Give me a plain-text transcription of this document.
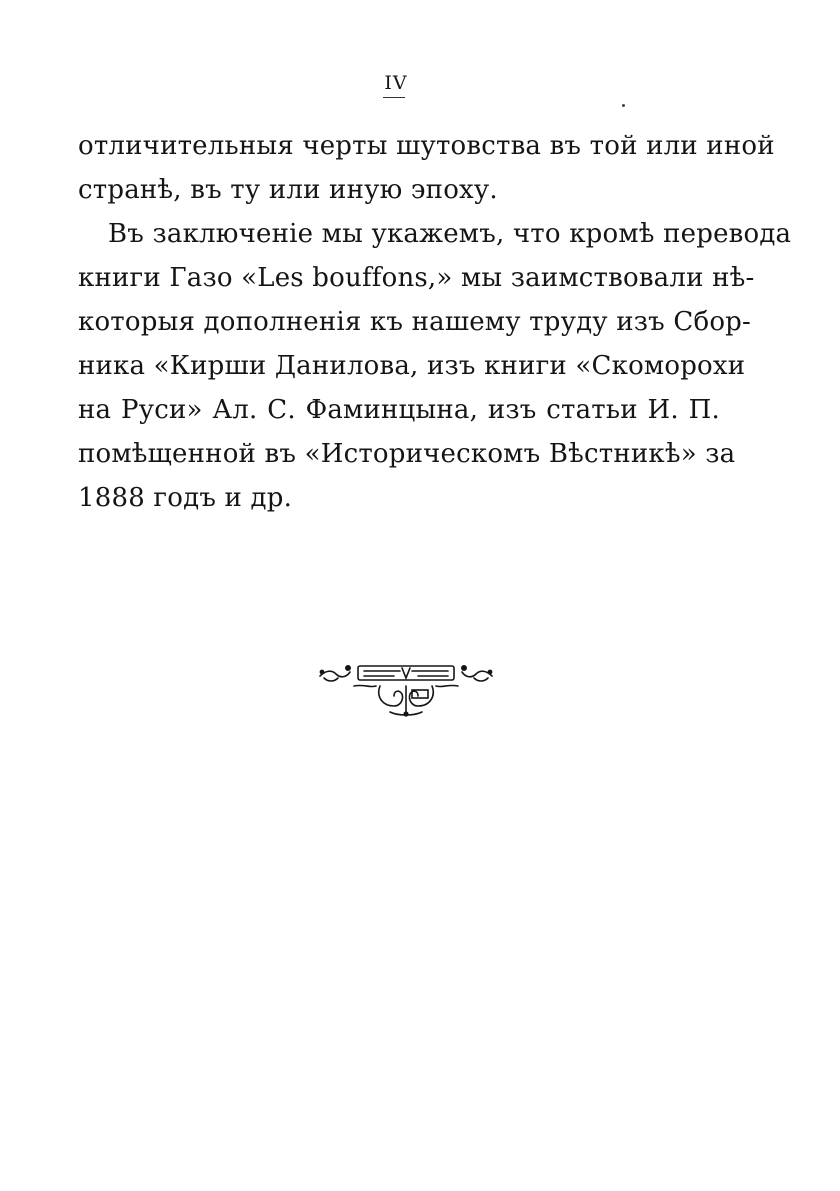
IV
отличительныя черты шутовства въ той или иной
странѣ, въ ту или иную эпоху.
Въ заключеніе мы укажемъ, что кромѣ перевода
книги Газо «Les bouffons,» мы заимствовали нѣ-
которыя дополненія къ нашему труду изъ Сбор-
ника «Кирши Данилова, изъ книги «Скоморохи
на Руси» Ал. С. Фаминцына, изъ статьи И. П.
помѣщенной въ «Историческомъ Вѣстникѣ» за
1888 годъ и др.
